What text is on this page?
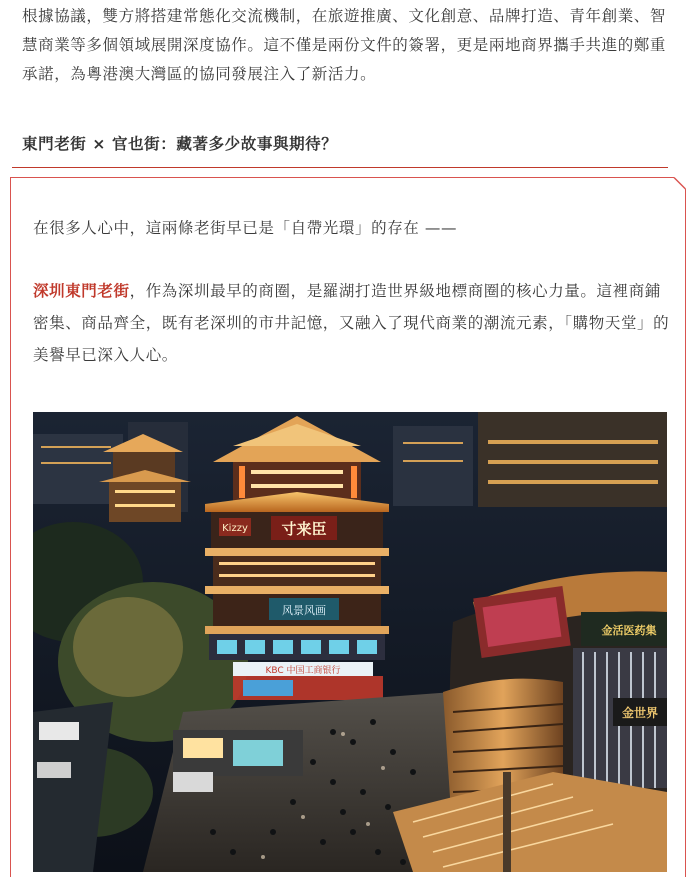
根據協議，雙方將搭建常態化交流機制，在旅遊推廣、文化創意、品牌打造、青年創業、智慧商業等多個領域展開深度協作。這不僅是兩份文件的簽署，更是兩地商界攜手共進的鄭重承諾，為粵港澳大灣區的協同發展注入了新活力。
東門老街 × 官也街：藏著多少故事與期待？
在很多人心中，這兩條老街早已是「自帶光環」的存在 ——
深圳東門老街，作為深圳最早的商圈，是羅湖打造世界級地標商圈的核心力量。這裡商鋪密集、商品齊全，既有老深圳的市井記憶，又融入了現代商業的潮流元素，「購物天堂」的美譽早已深入人心。
Kizzy 寸来臣
风景风画
KBC 中国工商银行
金活医药集
金世界
